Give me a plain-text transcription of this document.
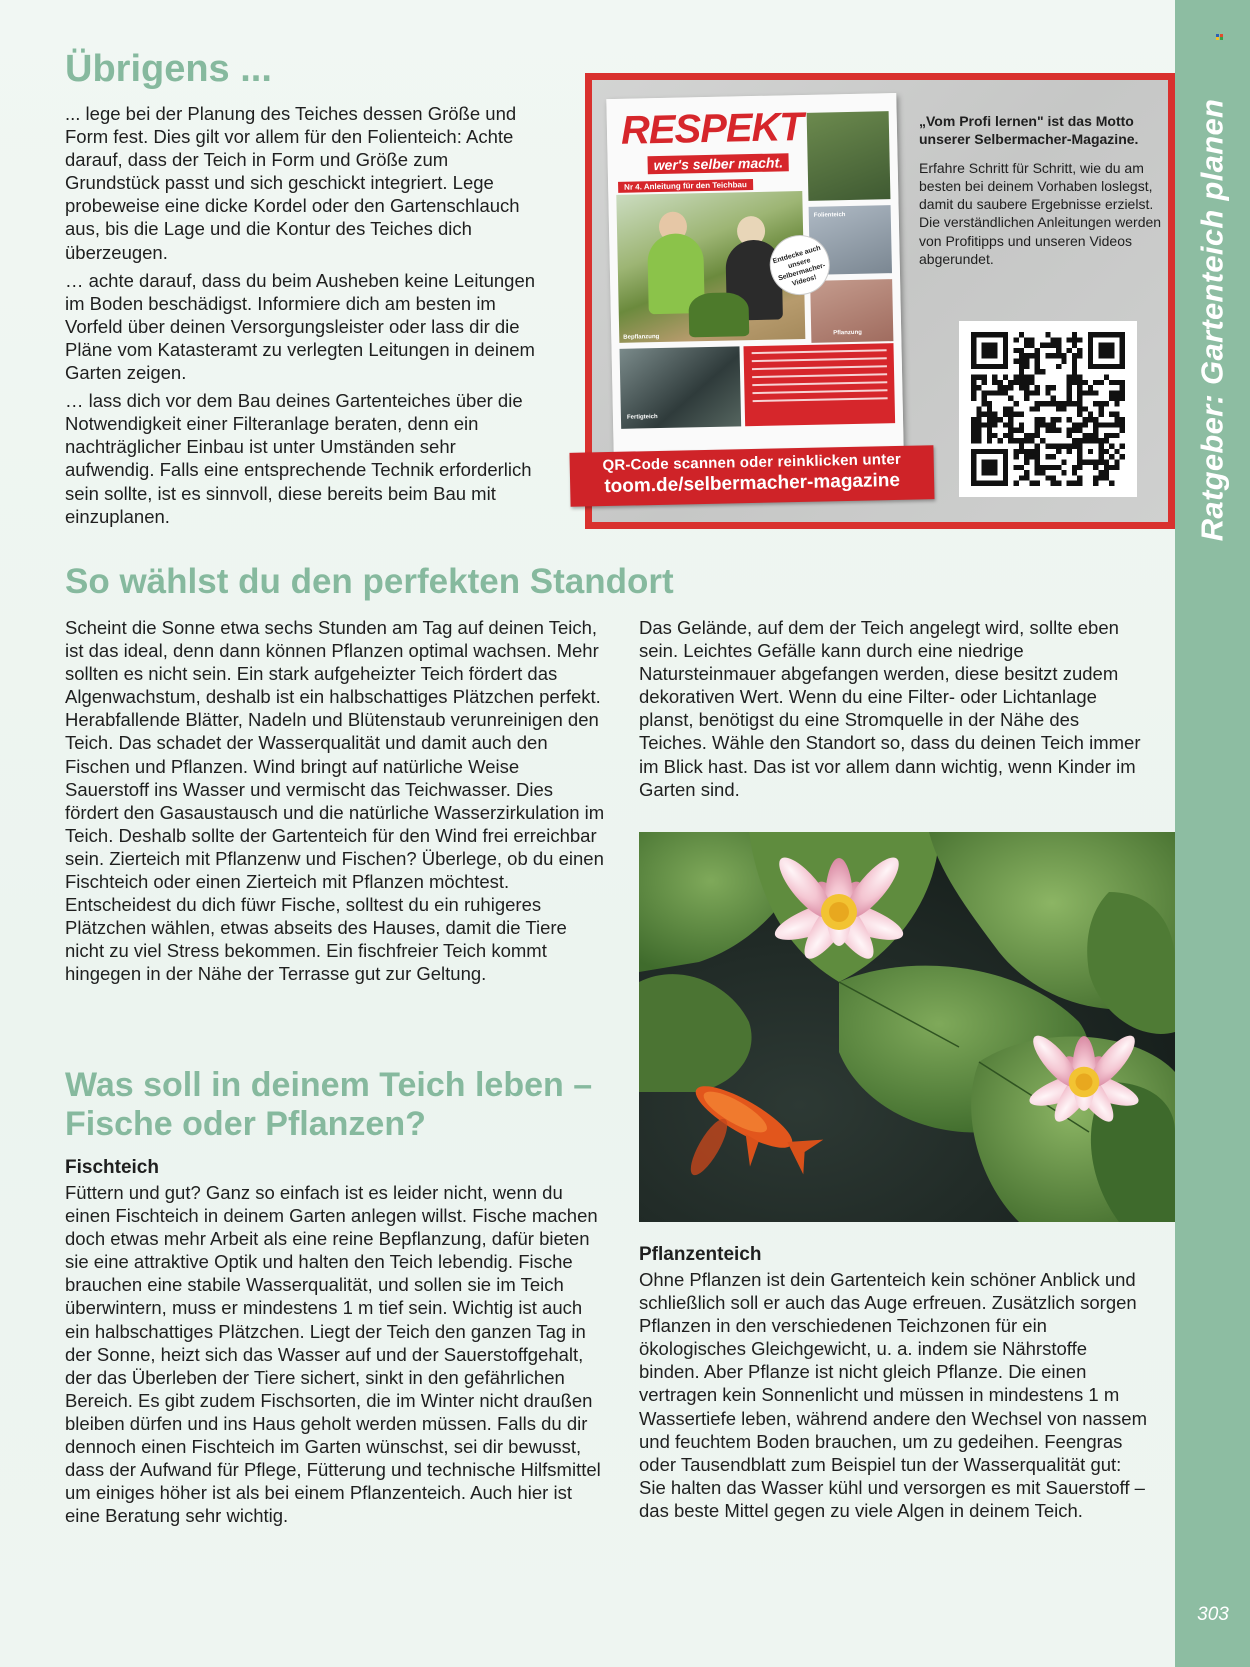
Ratgeber: Gartenteich planen
303
Übrigens ...

... lege bei der Planung des Teiches dessen Größe und Form fest. Dies gilt vor allem für den Folienteich: Achte darauf, dass der Teich in Form und Größe zum Grundstück passt und sich geschickt integriert. Lege probeweise eine dicke Kordel oder den Gartenschlauch aus, bis die Lage und die Kontur des Teiches dich überzeugen.

… achte darauf, dass du beim Ausheben keine Leitungen im Boden beschädigst. Informiere dich am besten im Vorfeld über deinen Versorgungsleister oder lass dir die Pläne vom Katasteramt zu verlegten Leitungen in deinem Garten zeigen.

… lass dich vor dem Bau deines Gartenteiches über die Notwendigkeit einer Filteranlage beraten, denn ein nachträglicher Einbau ist unter Umständen sehr aufwendig. Falls eine entsprechende Technik erforderlich sein sollte, ist es sinnvoll, diese bereits beim Bau mit einzuplanen.

RESPEKT
wer's selber macht.
Nr 4. Anleitung für den Teichbau
Folienteich
Bepflanzung
Pflanzung
Fertigteich
Entdecke auch unsere Selbermacher-Videos!
QR-Code scannen oder reinklicken unter
toom.de/selbermacher-magazine

„Vom Profi lernen" ist das Motto unserer Selbermacher-Magazine.

Erfahre Schritt für Schritt, wie du am besten bei deinem Vorhaben loslegst, damit du saubere Ergebnisse erzielst. Die verständlichen Anleitungen werden von Profitipps und unseren Videos abgerundet.

So wählst du den perfekten Standort
Scheint die Sonne etwa sechs Stunden am Tag auf deinen Teich, ist das ideal, denn dann können Pflanzen optimal wachsen. Mehr sollten es nicht sein. Ein stark aufgeheizter Teich fördert das Algenwachstum, deshalb ist ein halbschattiges Plätzchen perfekt. Herabfallende Blätter, Nadeln und Blütenstaub verunreinigen den Teich. Das schadet der Wasserqualität und damit auch den Fischen und Pflanzen. Wind bringt auf natürliche Weise Sauerstoff ins Wasser und vermischt das Teichwasser. Dies fördert den Gasaustausch und die natürliche Wasserzirkulation im Teich. Deshalb sollte der Gartenteich für den Wind frei erreichbar sein. Zierteich mit Pflanzenw und Fischen? Überlege, ob du einen Fischteich oder einen Zierteich mit Pflanzen möchtest. Entscheidest du dich füwr Fische, solltest du ein ruhigeres Plätzchen wählen, etwas abseits des Hauses, damit die Tiere nicht zu viel Stress bekommen. Ein fischfreier Teich kommt hingegen in der Nähe der Terrasse gut zur Geltung.
Das Gelände, auf dem der Teich angelegt wird, sollte eben sein. Leichtes Gefälle kann durch eine niedrige Natursteinmauer abgefangen werden, diese besitzt zudem dekorativen Wert. Wenn du eine Filter- oder Lichtanlage planst, benötigst du eine Stromquelle in der Nähe des Teiches. Wähle den Standort so, dass du deinen Teich immer im Blick hast. Das ist vor allem dann wichtig, wenn Kinder im Garten sind.
Was soll in deinem Teich leben –
Fische oder Pflanzen?
Fischteich
Füttern und gut? Ganz so einfach ist es leider nicht, wenn du einen Fischteich in deinem Garten anlegen willst. Fische machen doch etwas mehr Arbeit als eine reine Bepflanzung, dafür bieten sie eine attraktive Optik und halten den Teich lebendig. Fische brauchen eine stabile Wasserqualität, und sollen sie im Teich überwintern, muss er mindestens 1 m tief sein. Wichtig ist auch ein halbschattiges Plätzchen. Liegt der Teich den ganzen Tag in der Sonne, heizt sich das Wasser auf und der Sauerstoffgehalt, der das Überleben der Tiere sichert, sinkt in den gefährlichen Bereich. Es gibt zudem Fischsorten, die im Winter nicht draußen bleiben dürfen und ins Haus geholt werden müssen. Falls du dir dennoch einen Fischteich im Garten wünschst, sei dir bewusst, dass der Aufwand für Pflege, Fütterung und technische Hilfsmittel um einiges höher ist als bei einem Pflanzenteich. Auch hier ist eine Beratung sehr wichtig.
Pflanzenteich
Ohne Pflanzen ist dein Gartenteich kein schöner Anblick und schließlich soll er auch das Auge erfreuen. Zusätzlich sorgen Pflanzen in den verschiedenen Teichzonen für ein ökologisches Gleichgewicht, u. a. indem sie Nährstoffe binden. Aber Pflanze ist nicht gleich Pflanze. Die einen vertragen kein Sonnenlicht und müssen in mindestens 1 m Wassertiefe leben, während andere den Wechsel von nassem und feuchtem Boden brauchen, um zu gedeihen. Feengras oder Tausendblatt zum Beispiel tun der Wasserqualität gut: Sie halten das Wasser kühl und versorgen es mit Sauerstoff – das beste Mittel gegen zu viele Algen in deinem Teich.
